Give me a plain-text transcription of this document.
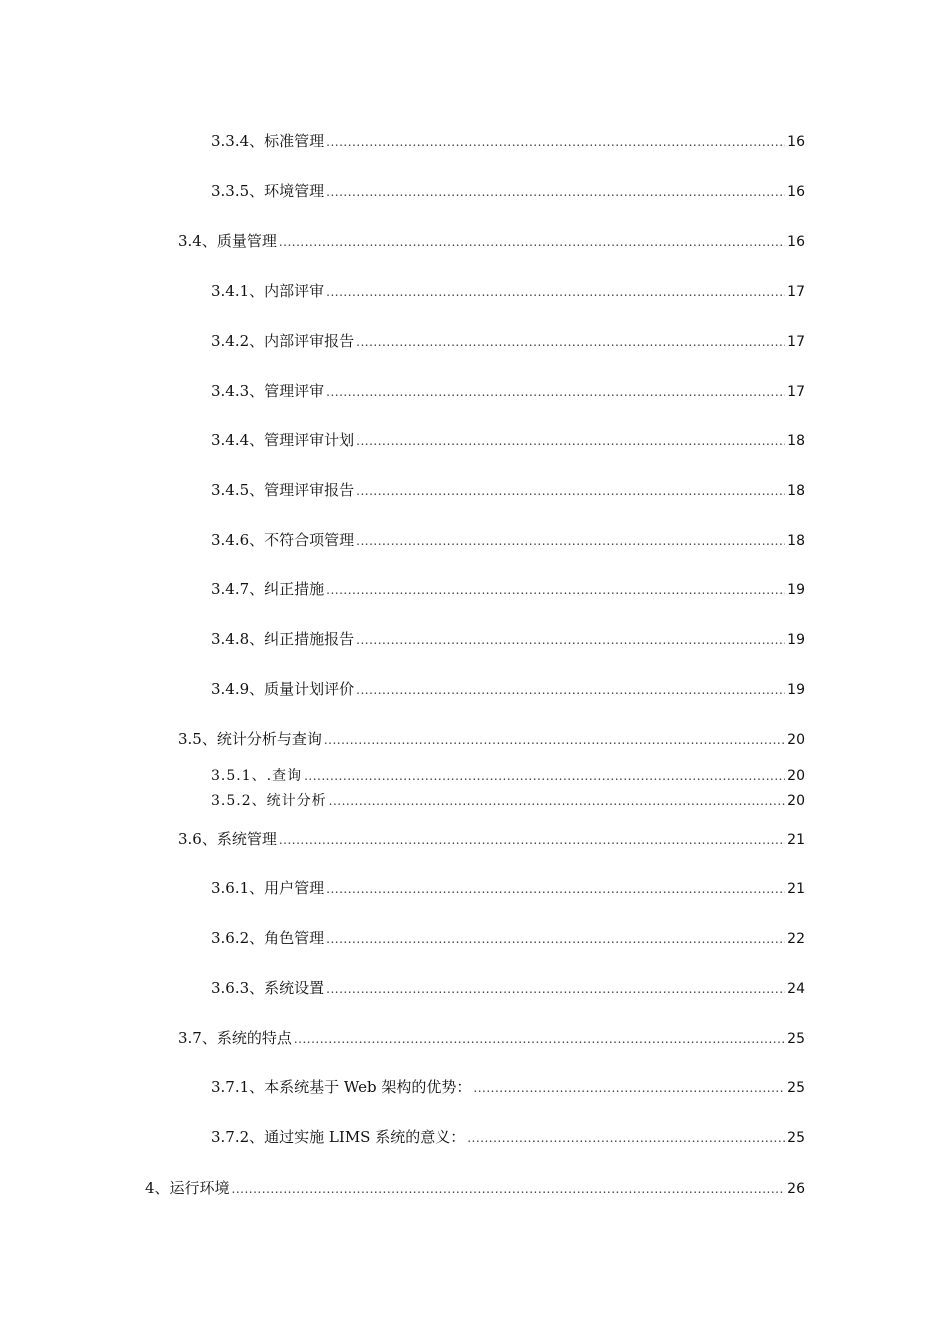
3.3.4、标准管理 .....	16
3.3.5、环境管理 .....	16
3.4、质量管理 .....	16
3.4.1、内部评审 .....	17
3.4.2、内部评审报告 .....	17
3.4.3、管理评审 .....	17
3.4.4、管理评审计划 .....	18
3.4.5、管理评审报告 .....	18
3.4.6、不符合项管理 .....	18
3.4.7、纠正措施 .....	19
3.4.8、纠正措施报告 .....	19
3.4.9、质量计划评价 .....	19
3.5、统计分析与查询 .....	20
3.5.1、.查询 .....	20
3.5.2、统计分析 .....	20
3.6、系统管理 .....	21
3.6.1、用户管理 .....	21
3.6.2、角色管理 .....	22
3.6.3、系统设置 .....	24
3.7、系统的特点 .....	25
3.7.1、本系统基于 Web 架构的优势： .....	25
3.7.2、通过实施 LIMS 系统的意义： .....	25
4、运行环境 .....	26
